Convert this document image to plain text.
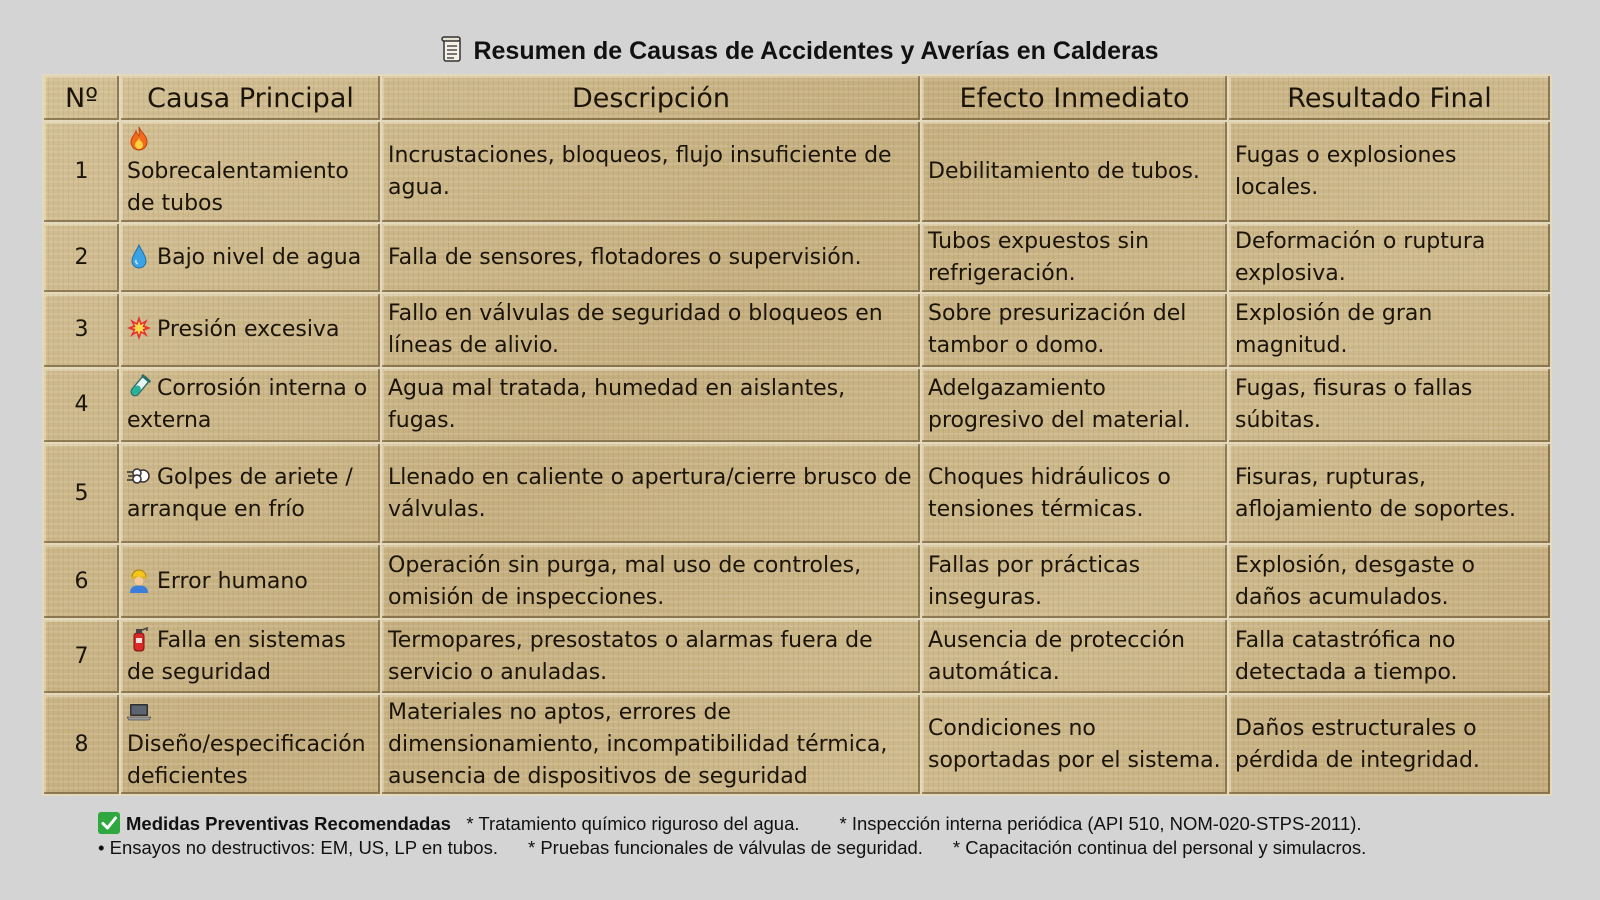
Resumen de Causas de Accidentes y Averías en Calderas
Nº	Causa Principal	Descripción	Efecto Inmediato	Resultado Final
1	Sobrecalentamiento de tubos	Incrustaciones, bloqueos, flujo insuficiente de agua.	Debilitamiento de tubos.	Fugas o explosiones locales.
2	Bajo nivel de agua	Falla de sensores, flotadores o supervisión.	Tubos expuestos sin refrigeración.	Deformación o ruptura explosiva.
3	Presión excesiva	Fallo en válvulas de seguridad o bloqueos en líneas de alivio.	Sobre presurización del tambor o domo.	Explosión de gran magnitud.
4	Corrosión interna o externa	Agua mal tratada, humedad en aislantes, fugas.	Adelgazamiento progresivo del material.	Fugas, fisuras o fallas súbitas.
5	Golpes de ariete / arranque en frío	Llenado en caliente o apertura/cierre brusco de válvulas.	Choques hidráulicos o tensiones térmicas.	Fisuras, rupturas, aflojamiento de soportes.
6	Error humano	Operación sin purga, mal uso de controles, omisión de inspecciones.	Fallas por prácticas inseguras.	Explosión, desgaste o daños acumulados.
7	Falla en sistemas de seguridad	Termopares, presostatos o alarmas fuera de servicio o anuladas.	Ausencia de protección automática.	Falla catastrófica no detectada a tiempo.
8	Diseño/especificación deficientes	Materiales no aptos, errores de dimensionamiento, incompatibilidad térmica, ausencia de dispositivos de seguridad	Condiciones no soportadas por el sistema.	Daños estructurales o pérdida de integridad.
Medidas Preventivas Recomendadas * Tratamiento químico riguroso del agua. * Inspección interna periódica (API 510, NOM-020-STPS-2011).
• Ensayos no destructivos: EM, US, LP en tubos. * Pruebas funcionales de válvulas de seguridad. * Capacitación continua del personal y simulacros.
